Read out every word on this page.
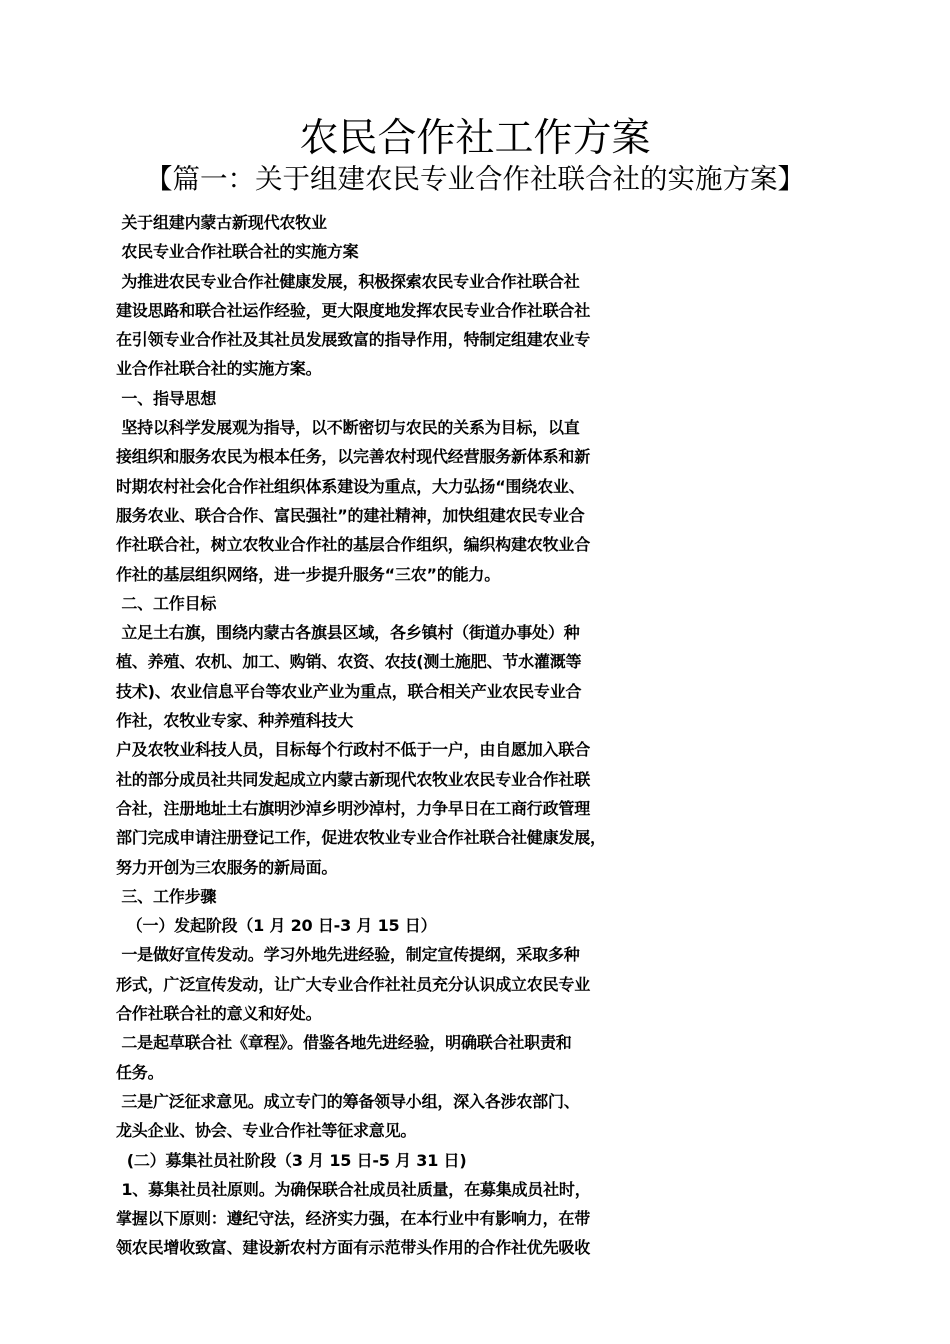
农民合作社工作方案
【篇一：关于组建农民专业合作社联合社的实施方案】
关于组建内蒙古新现代农牧业
农民专业合作社联合社的实施方案
为推进农民专业合作社健康发展，积极探索农民专业合作社联合社
建设思路和联合社运作经验，更大限度地发挥农民专业合作社联合社
在引领专业合作社及其社员发展致富的指导作用，特制定组建农业专
业合作社联合社的实施方案。
一、指导思想
坚持以科学发展观为指导，以不断密切与农民的关系为目标，以直
接组织和服务农民为根本任务，以完善农村现代经营服务新体系和新
时期农村社会化合作社组织体系建设为重点，大力弘扬“围绕农业、
服务农业、联合合作、富民强社”的建社精神，加快组建农民专业合
作社联合社，树立农牧业合作社的基层合作组织，编织构建农牧业合
作社的基层组织网络，进一步提升服务“三农”的能力。
二、工作目标
立足土右旗，围绕内蒙古各旗县区域，各乡镇村（街道办事处）种
植、养殖、农机、加工、购销、农资、农技(测土施肥、节水灌溉等
技术)、农业信息平台等农业产业为重点，联合相关产业农民专业合
作社，农牧业专家、种养殖科技大
户及农牧业科技人员，目标每个行政村不低于一户，由自愿加入联合
社的部分成员社共同发起成立内蒙古新现代农牧业农民专业合作社联
合社，注册地址土右旗明沙淖乡明沙淖村，力争早日在工商行政管理
部门完成申请注册登记工作，促进农牧业专业合作社联合社健康发展，
努力开创为三农服务的新局面。
三、工作步骤
（一）发起阶段（1 月 20 日-3 月 15 日）
一是做好宣传发动。学习外地先进经验，制定宣传提纲，采取多种
形式，广泛宣传发动，让广大专业合作社社员充分认识成立农民专业
合作社联合社的意义和好处。
二是起草联合社《章程》。借鉴各地先进经验，明确联合社职责和
任务。
三是广泛征求意见。成立专门的筹备领导小组，深入各涉农部门、
龙头企业、协会、专业合作社等征求意见。
(二）募集社员社阶段（3 月 15 日-5 月 31 日)
1、募集社员社原则。为确保联合社成员社质量，在募集成员社时，
掌握以下原则：遵纪守法，经济实力强，在本行业中有影响力，在带
领农民增收致富、建设新农村方面有示范带头作用的合作社优先吸收
